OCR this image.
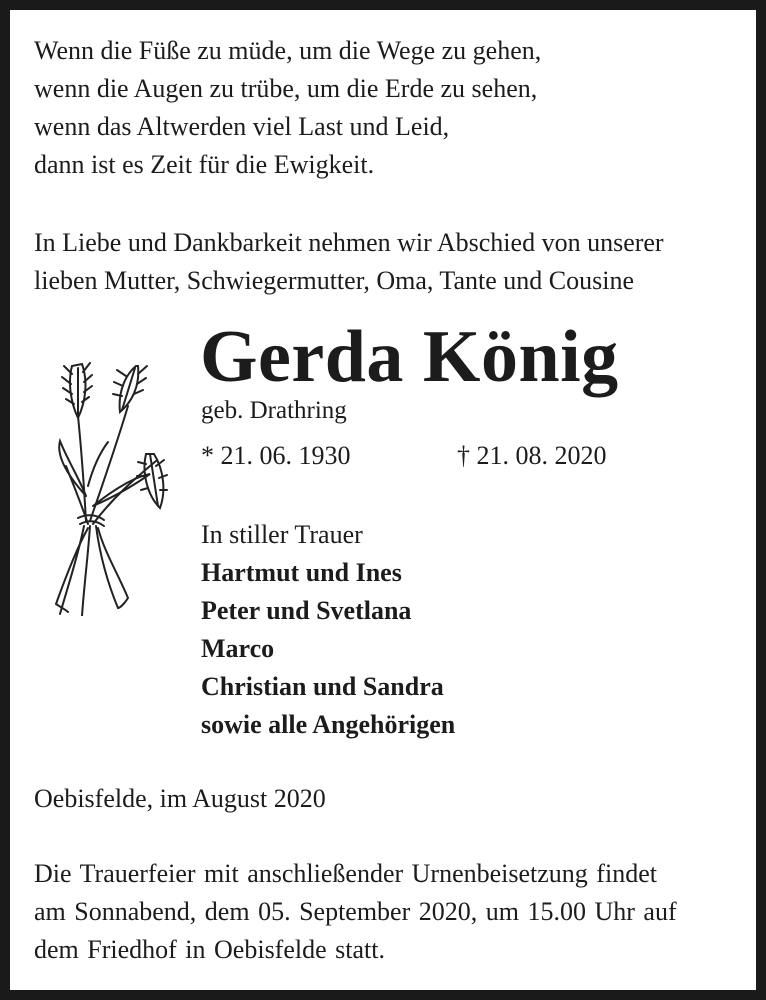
Wenn die Füße zu müde, um die Wege zu gehen,
wenn die Augen zu trübe, um die Erde zu sehen,
wenn das Altwerden viel Last und Leid,
dann ist es Zeit für die Ewigkeit.
In Liebe und Dankbarkeit nehmen wir Abschied von unserer
lieben Mutter, Schwiegermutter, Oma, Tante und Cousine
Gerda König
geb. Drathring
* 21. 06. 1930	† 21. 08. 2020
In stiller Trauer
Hartmut und Ines
Peter und Svetlana
Marco
Christian und Sandra
sowie alle Angehörigen
Oebisfelde, im August 2020
Die Trauerfeier mit anschließender Urnenbeisetzung findet
am Sonnabend, dem 05. September 2020, um 15.00 Uhr auf
dem Friedhof in Oebisfelde statt.
